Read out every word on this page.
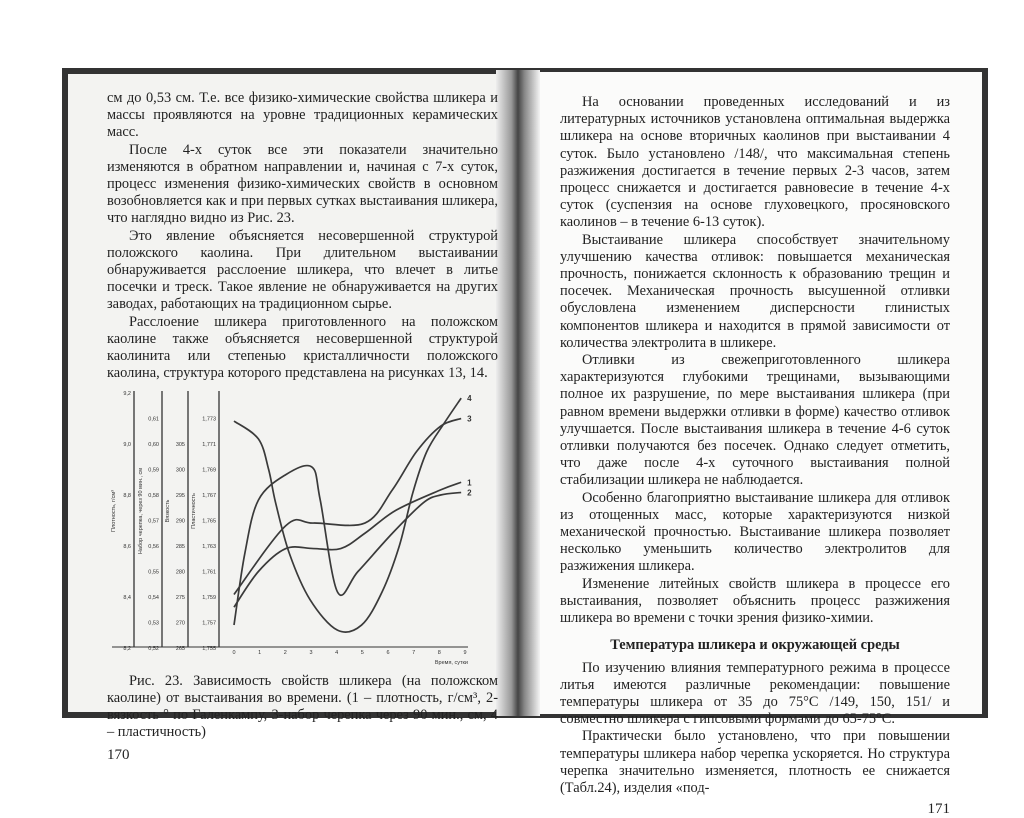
см до 0,53 см. Т.е. все физико-химические свойства шликера и массы проявляются на уровне традиционных керамических масс.

После 4-х суток все эти показатели значительно изменяются в обратном направлении и, начиная с 7-х суток, процесс изменения физико-химических свойств в основном возобновляется как и при первых сутках выстаивания шликера, что наглядно видно из Рис. 23.

Это явление объясняется несовершенной структурой положского каолина. При длительном выстаивании обнаруживается расслоение шликера, что влечет в литье посечки и треск. Такое явление не обнаруживается на других заводах, работающих на традиционном сырье.

Расслоение шликера приготовленного на положском каолине также объясняется несовершенной структурой каолинита или степенью кристалличности положского каолина, структура которого представлена на рисунках 13, 14.

9,2
9,0
8,8
8,6
8,4
8,2
0,61
0,60
0,59
0,58
0,57
0,56
0,55
0,54
0,53
0,52
305
300
295
290
285
280
275
270
265
1,773
1,771
1,769
1,767
1,765
1,763
1,761
1,759
1,757
1,755
Плотность, г/см³	Набор черепка, через 90 мин., см	Вязкость	Пластичность
0	1	2	3	4	5	6	7	8	9
Время, сутки
4
3
1
2

Рис. 23. Зависимость свойств шликера (на положском каолине) от выстаивания во времени. (1 – плотность, г/см³, 2-вязкость ° по Галенкампу, 3-набор черепка через 90 мин., см, 4 – пластичность)

170

На основании проведенных исследований и из литературных источников установлена оптимальная выдержка шликера на основе вторичных каолинов при выстаивании 4 суток. Было установлено /148/, что максимальная степень разжижения достигается в течение первых 2-3 часов, затем процесс снижается и достигается равновесие в течение 4-х суток (суспензия на основе глуховецкого, просяновского каолинов – в течение 6-13 суток).

Выстаивание шликера способствует значительному улучшению качества отливок: повышается механическая прочность, понижается склонность к образованию трещин и посечек. Механическая прочность высушенной отливки обусловлена изменением дисперсности глинистых компонентов шликера и находится в прямой зависимости от количества электролита в шликере.

Отливки из свежеприготовленного шликера характеризуются глубокими трещинами, вызывающими полное их разрушение, по мере выстаивания шликера (при равном времени выдержки отливки в форме) качество отливок улучшается. После выстаивания шликера в течение 4-6 суток отливки получаются без посечек. Однако следует отметить, что даже после 4-х суточного выстаивания полной стабилизации шликера не наблюдается.

Особенно благоприятно выстаивание шликера для отливок из отощенных масс, которые характеризуются низкой механической прочностью. Выстаивание шликера позволяет несколько уменьшить количество электролитов для разжижения шликера.

Изменение литейных свойств шликера в процессе его выстаивания, позволяет объяснить процесс разжижения шликера во времени с точки зрения физико-химии.

Температура шликера и окружающей среды

По изучению влияния температурного режима в процессе литья имеются различные рекомендации: повышение температуры шликера от 35 до 75°С /149, 150, 151/ и совместно шликера с гипсовыми формами до 65-75°С.

Практически было установлено, что при повышении температуры шликера набор черепка ускоряется. Но структура черепка значительно изменяется, плотность ее снижается (Табл.24), изделия «под-

171
